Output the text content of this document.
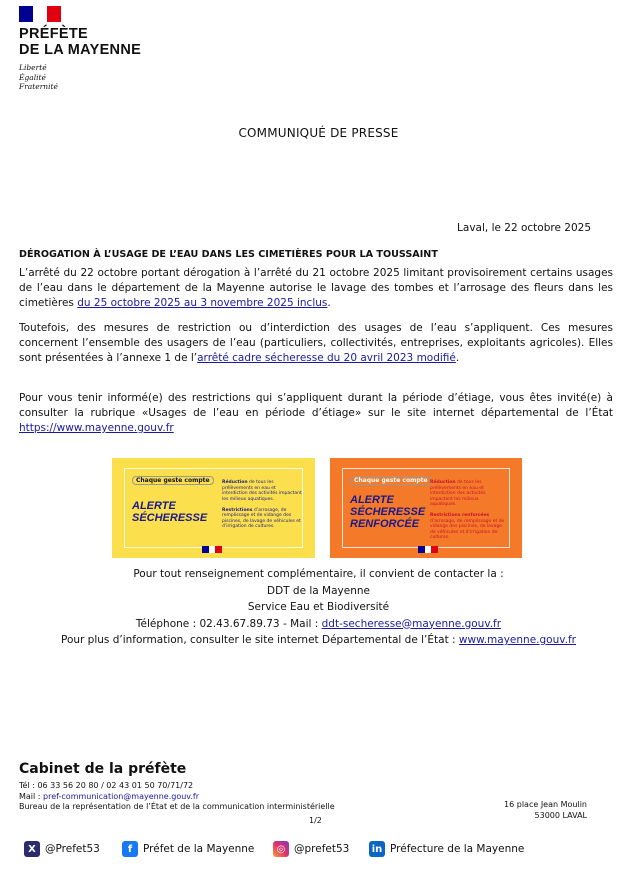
PRÉFÈTE
DE LA MAYENNE
Liberté
Égalité
Fraternité
COMMUNIQUÉ DE PRESSE
Laval, le 22 octobre 2025
DÉROGATION À L’USAGE DE L’EAU DANS LES CIMETIÈRES POUR LA TOUSSAINT
L’arrêté du 22 octobre portant dérogation à l’arrêté du 21 octobre 2025 limitant provisoirement certains usages de l’eau dans le département de la Mayenne autorise le lavage des tombes et l’arrosage des fleurs dans les cimetières du 25 octobre 2025 au 3 novembre 2025 inclus.
Toutefois, des mesures de restriction ou d’interdiction des usages de l’eau s’appliquent. Ces mesures concernent l’ensemble des usagers de l’eau (particuliers, collectivités, entreprises, exploitants agricoles). Elles sont présentées à l’annexe 1 de l’arrêté cadre sécheresse du 20 avril 2023 modifié.
Pour vous tenir informé(e) des restrictions qui s’appliquent durant la période d’étiage, vous êtes invité(e) à consulter la rubrique «Usages de l’eau en période d’étiage» sur le site internet départemental de l’État https://www.mayenne.gouv.fr
Chaque geste compte
ALERTE
SÉCHERESSE
Réduction de tous les prélèvements en eau et interdiction des activités impactant les milieux aquatiques.

Restrictions d’arrosage, de remplissage et de vidange des piscines, de lavage de véhicules et d’irrigation de cultures.
Chaque geste compte
ALERTE
SÉCHERESSE
RENFORCÉE
Réduction de tous les prélèvements en eau et interdiction des activités impactant les milieux aquatiques.

Restrictions renforcées d’arrosage, de remplissage et de vidange des piscines, de lavage de véhicules et d’irrigation de cultures.
Pour tout renseignement complémentaire, il convient de contacter la :
DDT de la Mayenne
Service Eau et Biodiversité
Téléphone : 02.43.67.89.73 - Mail : ddt-secheresse@mayenne.gouv.fr
Pour plus d’information, consulter le site internet Départemental de l’État : www.mayenne.gouv.fr
Cabinet de la préfète
Tél : 06 33 56 20 80 / 02 43 01 50 70/71/72
Mail : pref-communication@mayenne.gouv.fr
Bureau de la représentation de l’État et de la communication interministérielle
1/2
16 place Jean Moulin
53000 LAVAL
X @Prefet53	f	Préfet de la Mayenne	◎ @prefet53 in Préfecture de la Mayenne
